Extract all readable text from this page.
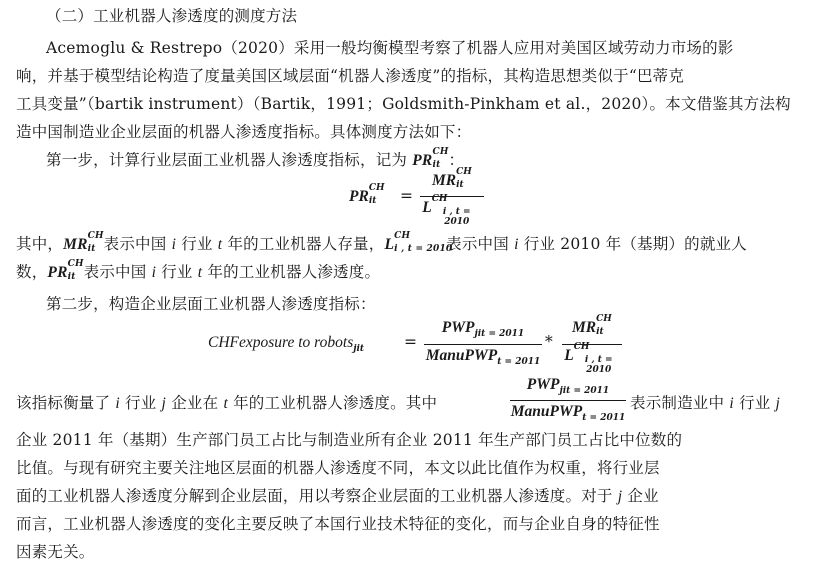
（二）工业机器人渗透度的测度方法
Acemoglu & Restrepo（2020）采用一般均衡模型考察了机器人应用对美国区域劳动力市场的影
响，并基于模型结论构造了度量美国区域层面“机器人渗透度”的指标，其构造思想类似于“巴蒂克
工具变量”（bartik instrument）（Bartik，1991；Goldsmith-Pinkham et al.，2020）。本文借鉴其方法构
造中国制造业企业层面的机器人渗透度指标。具体测度方法如下：
第一步，计算行业层面工业机器人渗透度指标，记为 PR CH
it ：
PR CH
it =
MR CH
it
L CH
i , t = 2010
其中，MR CH
it 表示中国 i 行业 t 年的工业机器人存量，L CH
i , t = 2010
表示中国 i 行业 2010 年（基期）的就业人
数，PR CH
it 表示中国 i 行业 t 年的工业机器人渗透度。
第二步，构造企业层面工业机器人渗透度指标：
CHFexposure to robots$_{jit}$	=
$PWP_{jit = 2011}$
ManuPWP$_{t = 2011}$
*
MR CH
it
L CH
i , t = 2010
该指标衡量了 i 行业 j 企业在 t 年的工业机器人渗透度。其中
$PWP_{jit = 2011}$
ManuPWP$_{t = 2011}$
表示制造业中 i 行业 j
企业 2011 年（基期）生产部门员工占比与制造业所有企业 2011 年生产部门员工占比中位数的
比值。与现有研究主要关注地区层面的机器人渗透度不同，本文以此比值作为权重，将行业层
面的工业机器人渗透度分解到企业层面，用以考察企业层面的工业机器人渗透度。对于 j 企业
而言，工业机器人渗透度的变化主要反映了本国行业技术特征的变化，而与企业自身的特征性
因素无关。
